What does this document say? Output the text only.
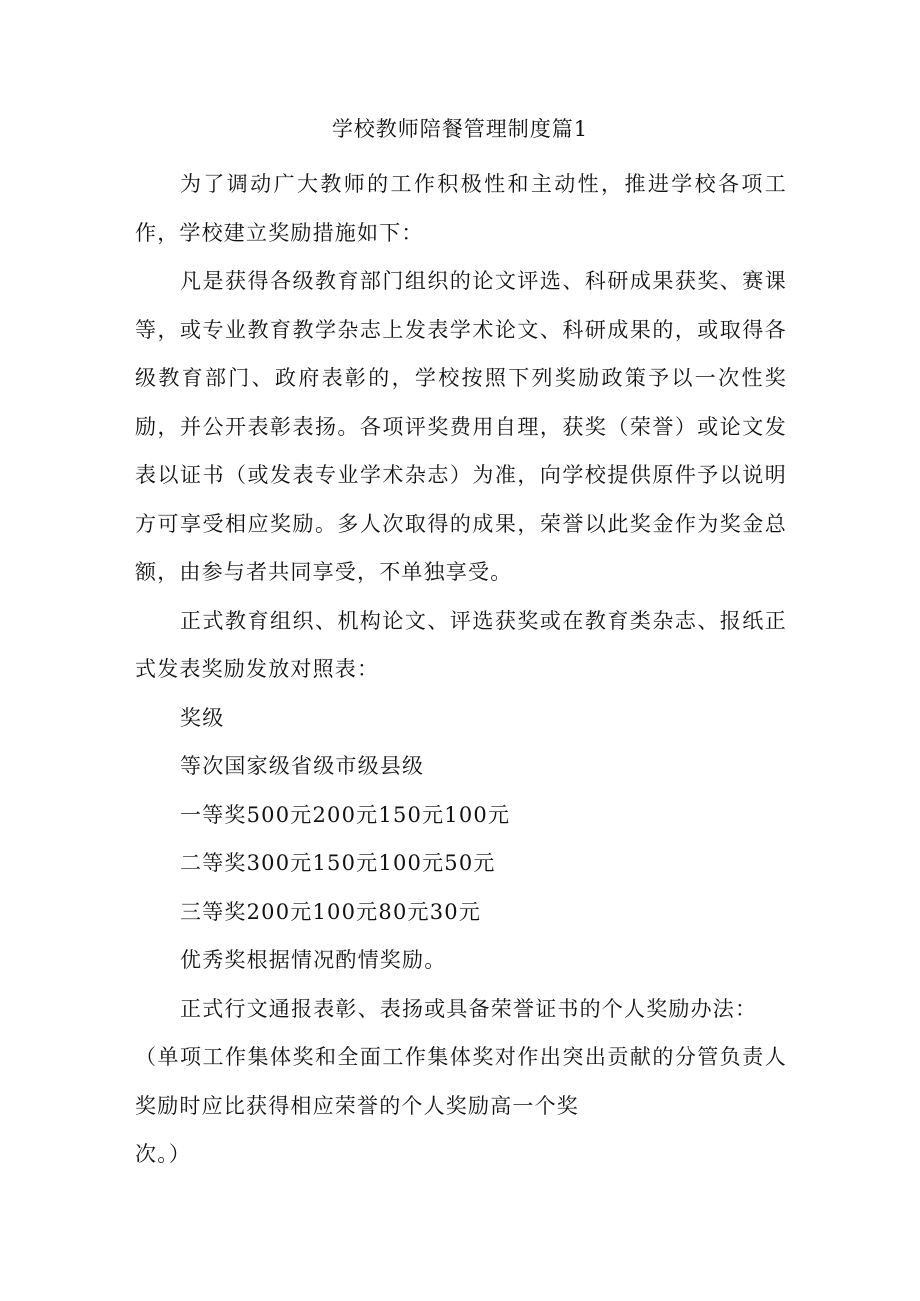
学校教师陪餐管理制度篇1

为了调动广大教师的工作积极性和主动性，推进学校各项工作，学校建立奖励措施如下：

凡是获得各级教育部门组织的论文评选、科研成果获奖、赛课等，或专业教育教学杂志上发表学术论文、科研成果的，或取得各级教育部门、政府表彰的，学校按照下列奖励政策予以一次性奖励，并公开表彰表扬。各项评奖费用自理，获奖（荣誉）或论文发表以证书（或发表专业学术杂志）为准，向学校提供原件予以说明方可享受相应奖励。多人次取得的成果，荣誉以此奖金作为奖金总额，由参与者共同享受，不单独享受。

正式教育组织、机构论文、评选获奖或在教育类杂志、报纸正式发表奖励发放对照表：

奖级

等次国家级省级市级县级

一等奖500元200元150元100元

二等奖300元150元100元50元

三等奖200元100元80元30元

优秀奖根据情况酌情奖励。

正式行文通报表彰、表扬或具备荣誉证书的个人奖励办法：

（单项工作集体奖和全面工作集体奖对作出突出贡献的分管负责人奖励时应比获得相应荣誉的个人奖励高一个奖

次。）
